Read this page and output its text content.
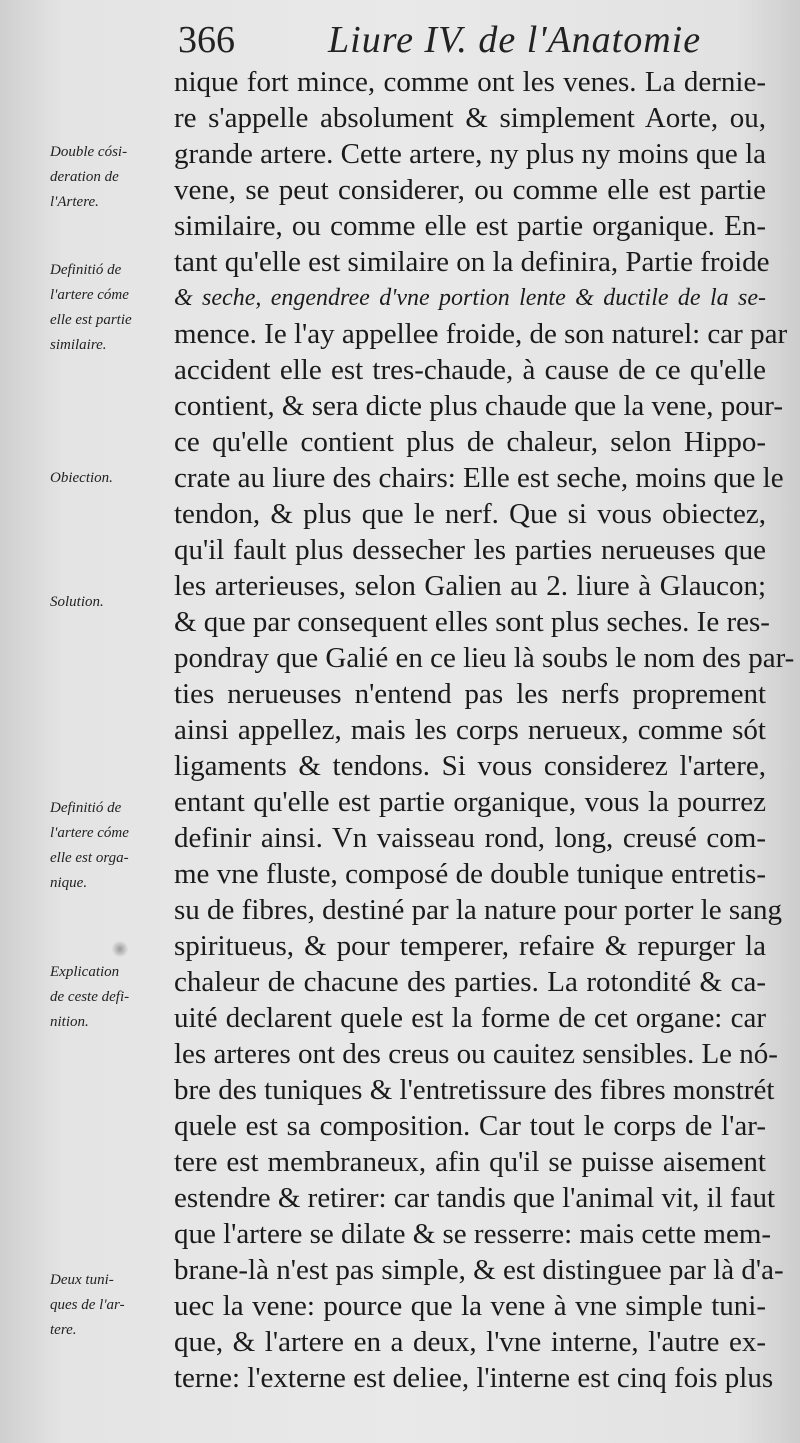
366 Liure IV. de l'Anatomie
Double cósi-
deration de
l'Artere.
Definitió de
l'artere cóme
elle est partie
similaire.
Obiection.
Solution.
Definitió de
l'artere cóme
elle est orga-
nique.
Explication
de ceste defi-
nition.
Deux tuni-
ques de l'ar-
tere.
nique fort mince, comme ont les venes. La dernie-
re s'appelle absolument & simplement Aorte, ou,
grande artere. Cette artere, ny plus ny moins que la
vene, se peut considerer, ou comme elle est partie
similaire, ou comme elle est partie organique. En-
tant qu'elle est similaire on la definira, Partie froide
& seche, engendree d'vne portion lente & ductile de la se-
mence. Ie l'ay appellee froide, de son naturel: car par
accident elle est tres-chaude, à cause de ce qu'elle
contient, & sera dicte plus chaude que la vene, pour-
ce qu'elle contient plus de chaleur, selon Hippo-
crate au liure des chairs: Elle est seche, moins que le
tendon, & plus que le nerf. Que si vous obiectez,
qu'il fault plus dessecher les parties nerueuses que
les arterieuses, selon Galien au 2. liure à Glaucon;
& que par consequent elles sont plus seches. Ie res-
pondray que Galié en ce lieu là soubs le nom des par-
ties nerueuses n'entend pas les nerfs proprement
ainsi appellez, mais les corps nerueux, comme sót
ligaments & tendons. Si vous considerez l'artere,
entant qu'elle est partie organique, vous la pourrez
definir ainsi. Vn vaisseau rond, long, creusé com-
me vne fluste, composé de double tunique entretis-
su de fibres, destiné par la nature pour porter le sang
spiritueus, & pour temperer, refaire & repurger la
chaleur de chacune des parties. La rotondité & ca-
uité declarent quele est la forme de cet organe: car
les arteres ont des creus ou cauitez sensibles. Le nó-
bre des tuniques & l'entretissure des fibres monstrét
quele est sa composition. Car tout le corps de l'ar-
tere est membraneux, afin qu'il se puisse aisement
estendre & retirer: car tandis que l'animal vit, il faut
que l'artere se dilate & se resserre: mais cette mem-
brane-là n'est pas simple, & est distinguee par là d'a-
uec la vene: pource que la vene à vne simple tuni-
que, & l'artere en a deux, l'vne interne, l'autre ex-
terne: l'externe est deliee, l'interne est cinq fois plus
